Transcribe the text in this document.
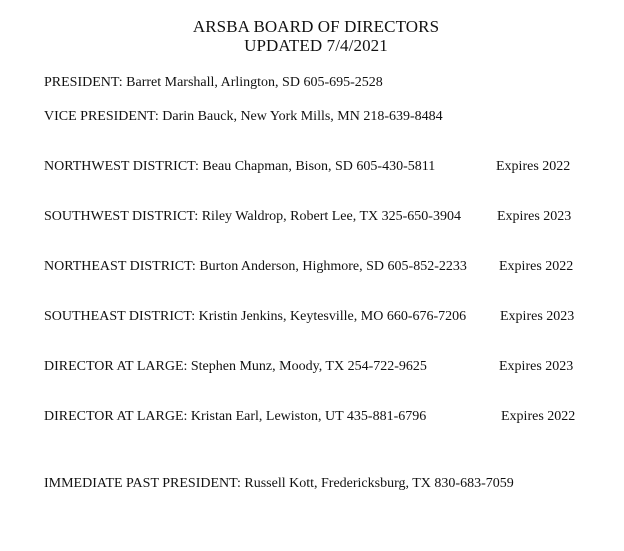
ARSBA BOARD OF DIRECTORS
UPDATED 7/4/2021
PRESIDENT: Barret Marshall, Arlington, SD 605-695-2528
VICE PRESIDENT: Darin Bauck, New York Mills, MN 218-639-8484
NORTHWEST DISTRICT: Beau Chapman, Bison, SD 605-430-5811	Expires 2022
SOUTHWEST DISTRICT: Riley Waldrop, Robert Lee, TX 325-650-3904	Expires 2023
NORTHEAST DISTRICT: Burton Anderson, Highmore, SD 605-852-2233 Expires 2022
SOUTHEAST DISTRICT: Kristin Jenkins, Keytesville, MO 660-676-7206 Expires 2023
DIRECTOR AT LARGE: Stephen Munz, Moody, TX 254-722-9625	Expires 2023
DIRECTOR AT LARGE: Kristan Earl, Lewiston, UT 435-881-6796	Expires 2022
IMMEDIATE PAST PRESIDENT: Russell Kott, Fredericksburg, TX 830-683-7059
